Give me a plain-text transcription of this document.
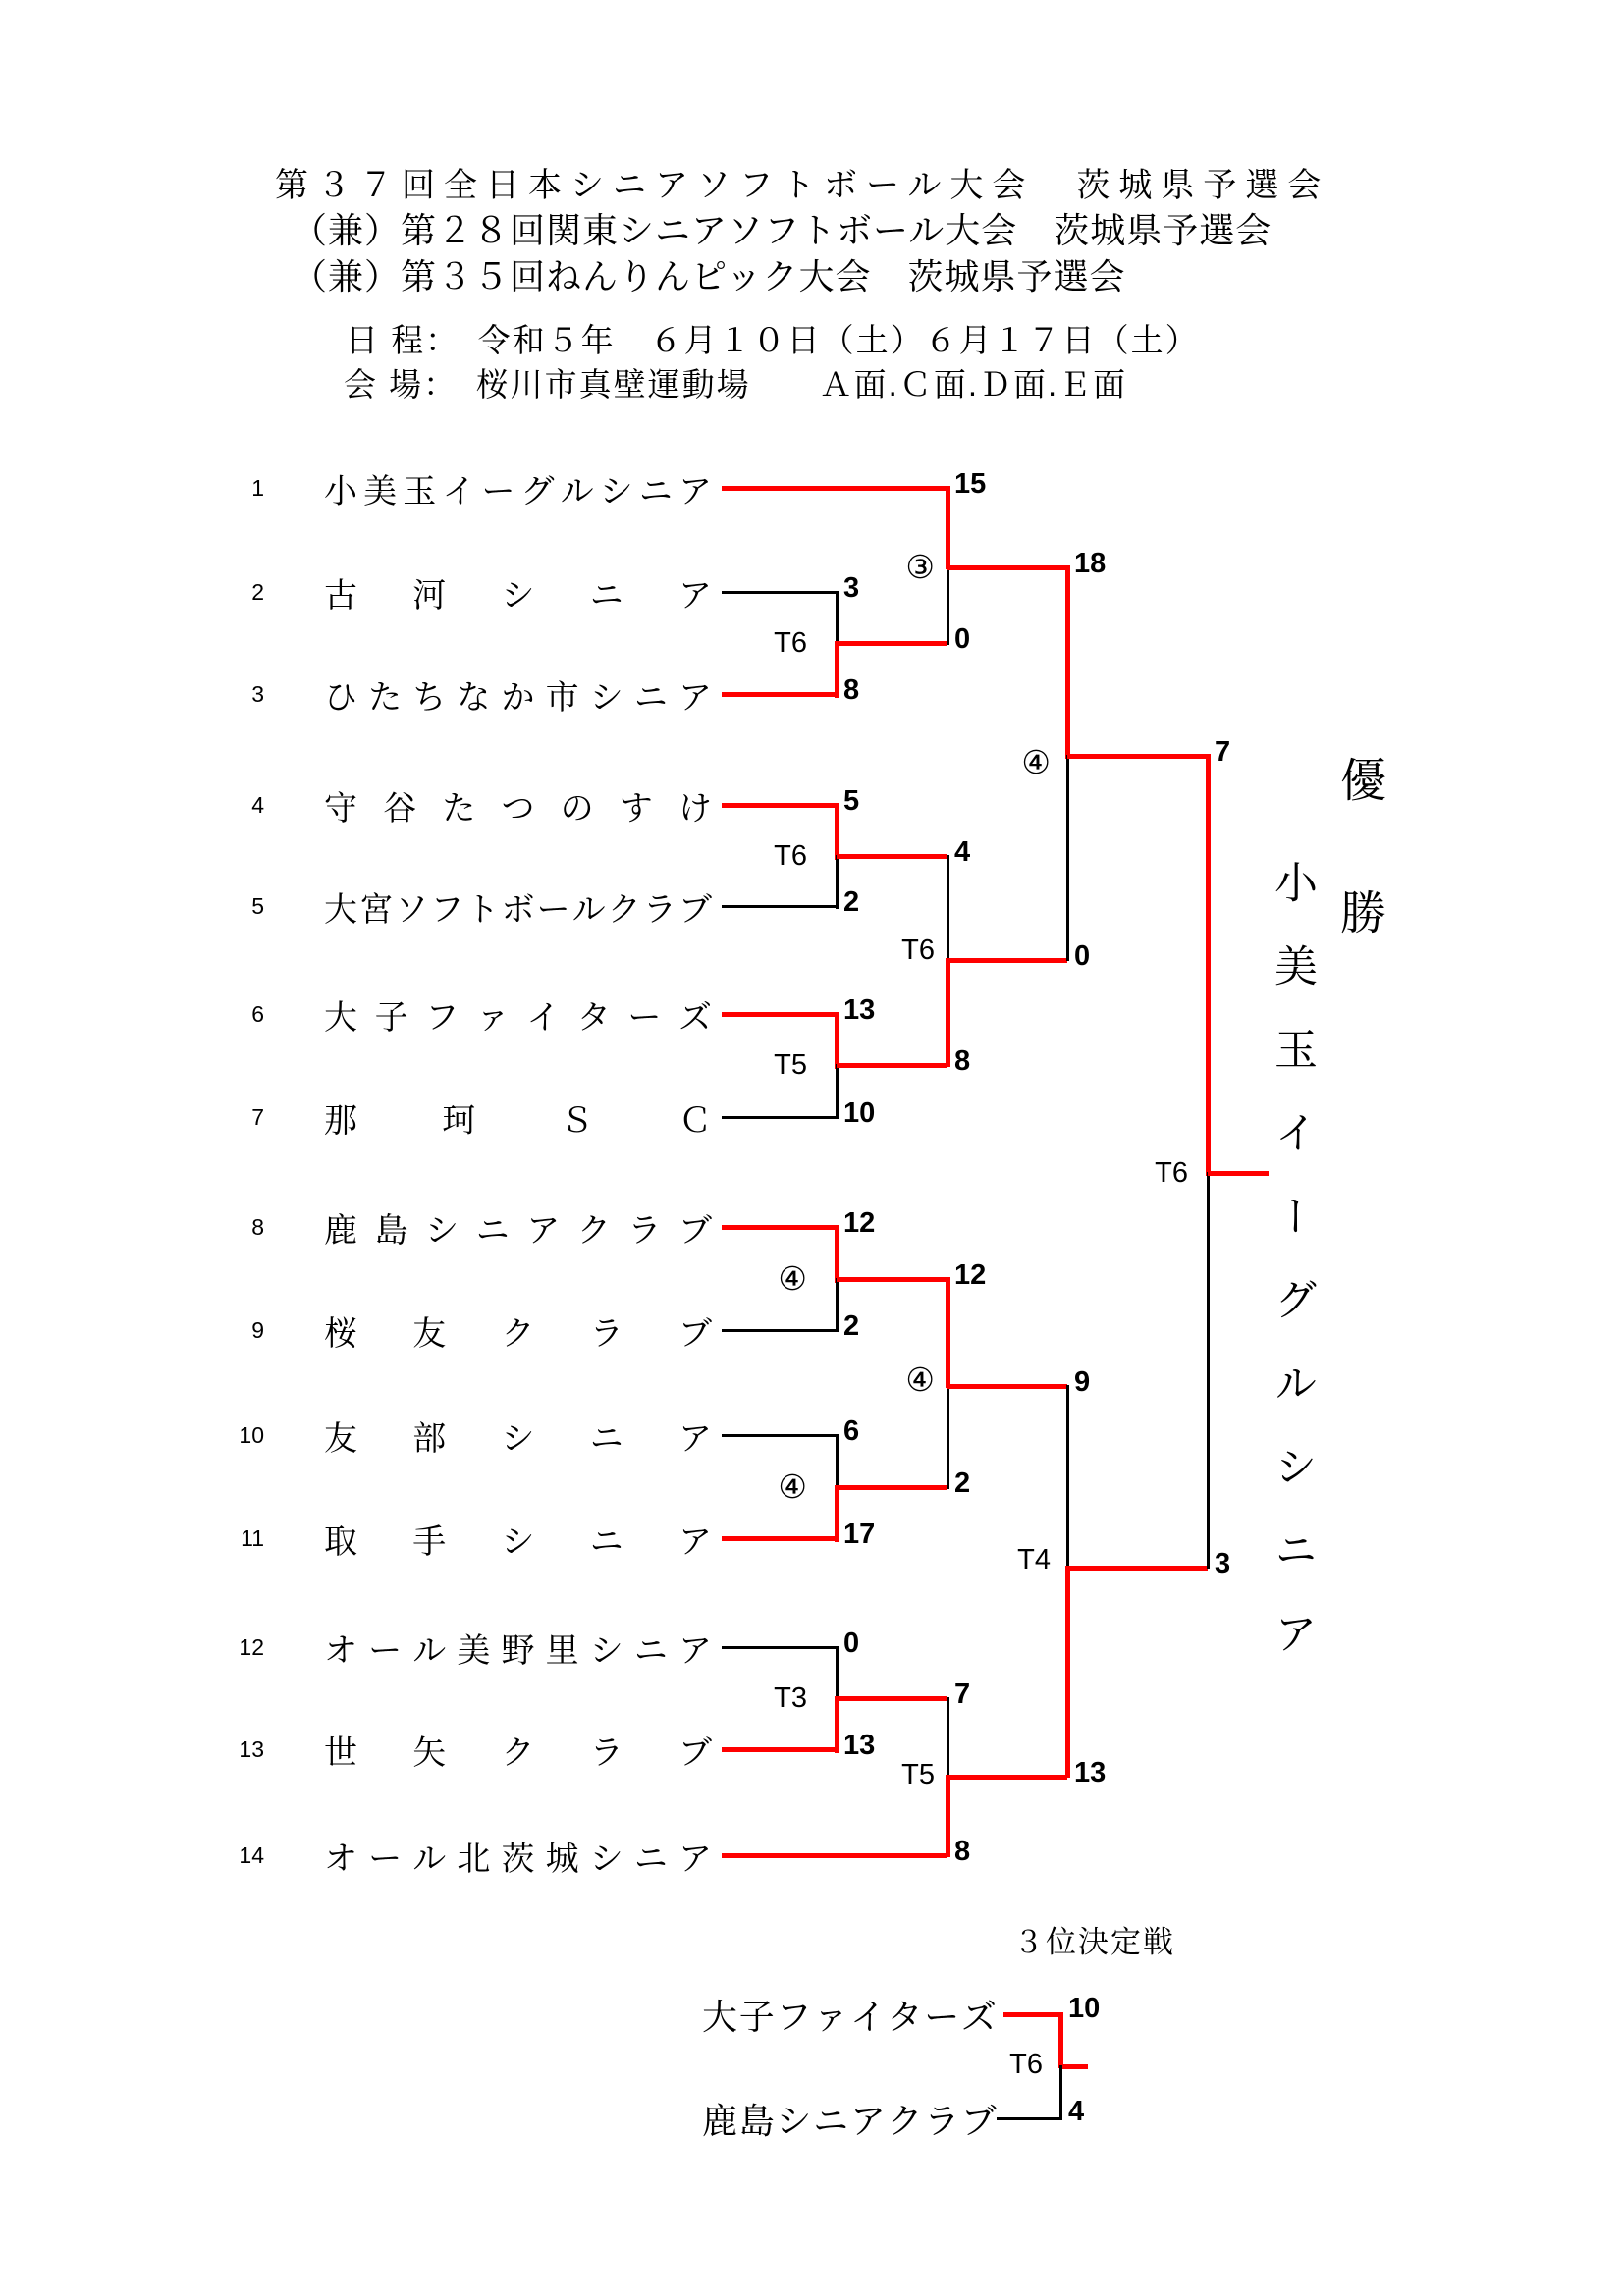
第３７回全日本シニアソフトボール大会　茨城県予選会
（兼）第２８回関東シニアソフトボール大会　茨城県予選会
（兼）第３５回ねんりんピック大会　茨城県予選会
日 程：　令和５年　６月１０日（土）６月１７日（土）
会 場：　桜川市真壁運動場　　Ａ面.Ｃ面.Ｄ面.Ｅ面
1
2
3
4
5
6
7
8
9
10
11
12
13
14
小 美 玉 イ ー グ ル シ ニ ア
古 河 シ ニ ア
ひ た ち な か 市 シ ニ ア
守 谷 た つ の す け
大 宮 ソ フ ト ボ ー ル ク ラ ブ
大 子 フ ァ イ タ ー ズ
那	珂	Ｓ	Ｃ
鹿 島 シ ニ ア ク ラ ブ
桜 友 ク ラ ブ
友 部 シ ニ ア
取 手 シ ニ ア
オ ー ル 美 野 里 シ ニ ア
世 矢 ク ラ ブ
オ ー ル 北 茨 城 シ ニ ア
3
8
5
2
13
10
12
2
6
17
0
13
15
0
4
8
12
2
7
8
18
0
9
13
7
3
T6
T6
T5
④
④
T3
③
T6
④
T5
④
T4
T6
優勝
小美玉イーグルシニア
３位決定戦
大 子 フ ァ イ タ ー ズ
鹿 島 シ ニ ア ク ラ ブ
10
4
T6
